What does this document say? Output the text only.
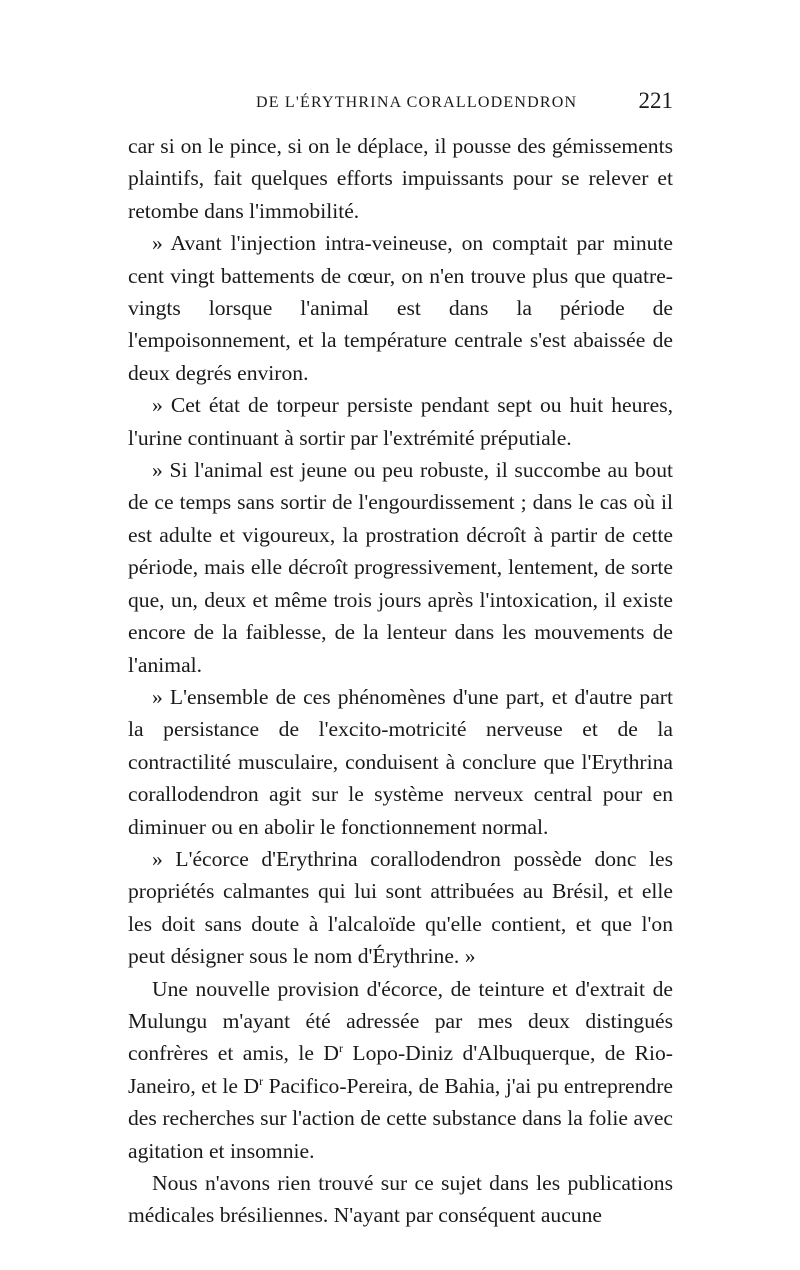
DE L'ÉRYTHRINA CORALLODENDRON	221

car si on le pince, si on le déplace, il pousse des gémissements plaintifs, fait quelques efforts impuissants pour se relever et retombe dans l'immobilité.

» Avant l'injection intra-veineuse, on comptait par minute cent vingt battements de cœur, on n'en trouve plus que quatre-vingts lorsque l'animal est dans la période de l'empoisonnement, et la température centrale s'est abaissée de deux degrés environ.

» Cet état de torpeur persiste pendant sept ou huit heures, l'urine continuant à sortir par l'extrémité préputiale.

» Si l'animal est jeune ou peu robuste, il succombe au bout de ce temps sans sortir de l'engourdissement ; dans le cas où il est adulte et vigoureux, la prostration décroît à partir de cette période, mais elle décroît progressivement, lentement, de sorte que, un, deux et même trois jours après l'intoxication, il existe encore de la faiblesse, de la lenteur dans les mouvements de l'animal.

» L'ensemble de ces phénomènes d'une part, et d'autre part la persistance de l'excito-motricité nerveuse et de la contractilité musculaire, conduisent à conclure que l'Erythrina corallodendron agit sur le système nerveux central pour en diminuer ou en abolir le fonctionnement normal.

» L'écorce d'Erythrina corallodendron possède donc les propriétés calmantes qui lui sont attribuées au Brésil, et elle les doit sans doute à l'alcaloïde qu'elle contient, et que l'on peut désigner sous le nom d'Érythrine. »

Une nouvelle provision d'écorce, de teinture et d'extrait de Mulungu m'ayant été adressée par mes deux distingués confrères et amis, le $D^r$ Lopo-Diniz d'Albuquerque, de Rio-Janeiro, et le $D^r$ Pacifico-Pereira, de Bahia, j'ai pu entreprendre des recherches sur l'action de cette substance dans la folie avec agitation et insomnie.

Nous n'avons rien trouvé sur ce sujet dans les publications médicales brésiliennes. N'ayant par conséquent aucune
